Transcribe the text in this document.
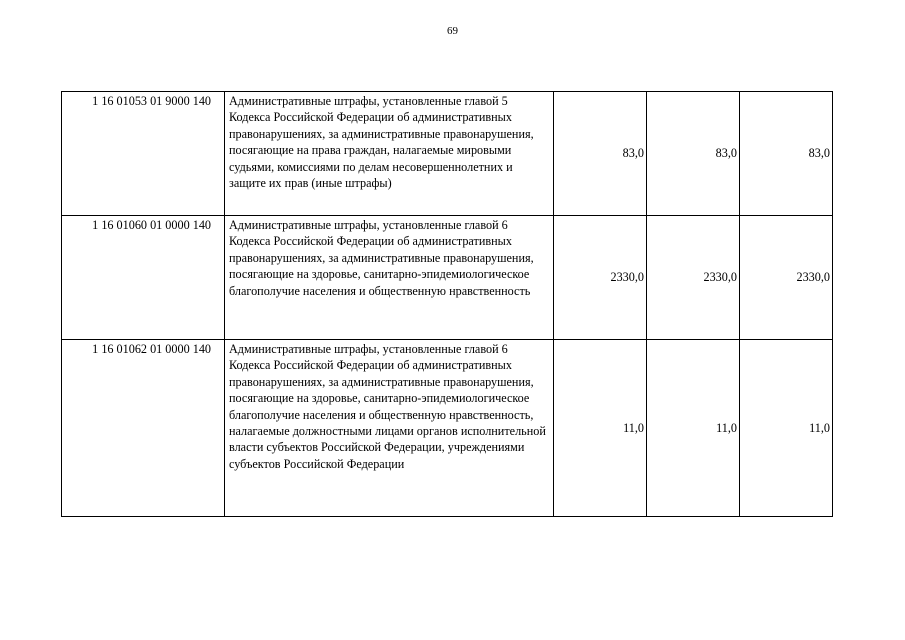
69
1 16 01053 01 9000 140	Административные штрафы, установленные главой 5 Кодекса Российской Федерации об административных правонарушениях, за административные правонарушения, посягающие на права граждан, налагаемые мировыми судьями, комиссиями по делам несовершеннолетних и защите их прав (иные штрафы)	83,0	83,0	83,0
1 16 01060 01 0000 140	Административные штрафы, установленные главой 6 Кодекса Российской Федерации об административных правонарушениях, за административные правонарушения, посягающие на здоровье, санитарно-эпидемиологическое благополучие населения и общественную нравственность	2330,0	2330,0	2330,0
1 16 01062 01 0000 140	Административные штрафы, установленные главой 6 Кодекса Российской Федерации об административных правонарушениях, за административные правонарушения, посягающие на здоровье, санитарно-эпидемиологическое благополучие населения и общественную нравственность, налагаемые должностными лицами органов исполнительной власти субъектов Российской Федерации, учреждениями субъектов Российской Федерации	11,0	11,0	11,0
